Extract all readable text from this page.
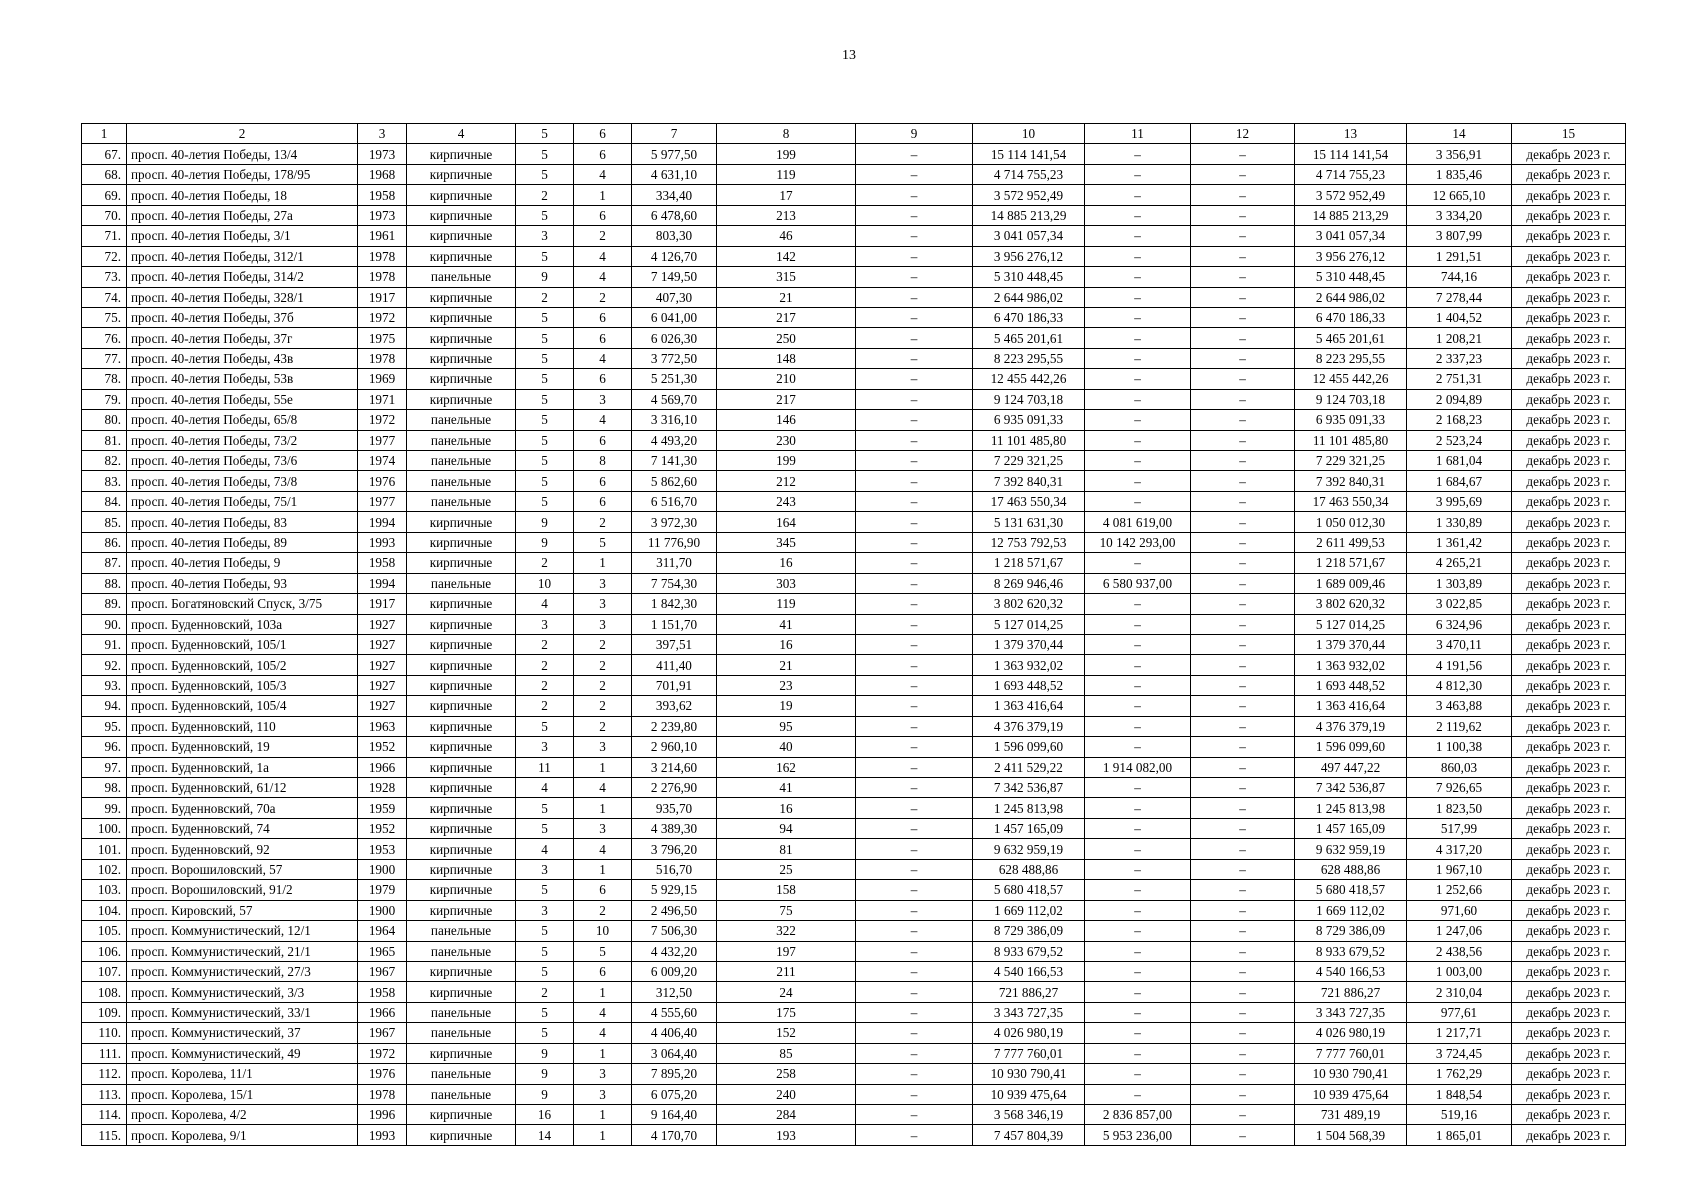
13
1	2	3	4	5	6	7	8	9	10	11	12	13	14	15
67.	просп. 40-летия Победы, 13/4	1973	кирпичные	5	6	5 977,50	199	–	15 114 141,54	–	–	15 114 141,54	3 356,91	декабрь 2023 г.
68.	просп. 40-летия Победы, 178/95	1968	кирпичные	5	4	4 631,10	119	–	4 714 755,23	–	–	4 714 755,23	1 835,46	декабрь 2023 г.
69.	просп. 40-летия Победы, 18	1958	кирпичные	2	1	334,40	17	–	3 572 952,49	–	–	3 572 952,49	12 665,10	декабрь 2023 г.
70.	просп. 40-летия Победы, 27а	1973	кирпичные	5	6	6 478,60	213	–	14 885 213,29	–	–	14 885 213,29	3 334,20	декабрь 2023 г.
71.	просп. 40-летия Победы, 3/1	1961	кирпичные	3	2	803,30	46	–	3 041 057,34	–	–	3 041 057,34	3 807,99	декабрь 2023 г.
72.	просп. 40-летия Победы, 312/1	1978	кирпичные	5	4	4 126,70	142	–	3 956 276,12	–	–	3 956 276,12	1 291,51	декабрь 2023 г.
73.	просп. 40-летия Победы, 314/2	1978	панельные	9	4	7 149,50	315	–	5 310 448,45	–	–	5 310 448,45	744,16	декабрь 2023 г.
74.	просп. 40-летия Победы, 328/1	1917	кирпичные	2	2	407,30	21	–	2 644 986,02	–	–	2 644 986,02	7 278,44	декабрь 2023 г.
75.	просп. 40-летия Победы, 37б	1972	кирпичные	5	6	6 041,00	217	–	6 470 186,33	–	–	6 470 186,33	1 404,52	декабрь 2023 г.
76.	просп. 40-летия Победы, 37г	1975	кирпичные	5	6	6 026,30	250	–	5 465 201,61	–	–	5 465 201,61	1 208,21	декабрь 2023 г.
77.	просп. 40-летия Победы, 43в	1978	кирпичные	5	4	3 772,50	148	–	8 223 295,55	–	–	8 223 295,55	2 337,23	декабрь 2023 г.
78.	просп. 40-летия Победы, 53в	1969	кирпичные	5	6	5 251,30	210	–	12 455 442,26	–	–	12 455 442,26	2 751,31	декабрь 2023 г.
79.	просп. 40-летия Победы, 55е	1971	кирпичные	5	3	4 569,70	217	–	9 124 703,18	–	–	9 124 703,18	2 094,89	декабрь 2023 г.
80.	просп. 40-летия Победы, 65/8	1972	панельные	5	4	3 316,10	146	–	6 935 091,33	–	–	6 935 091,33	2 168,23	декабрь 2023 г.
81.	просп. 40-летия Победы, 73/2	1977	панельные	5	6	4 493,20	230	–	11 101 485,80	–	–	11 101 485,80	2 523,24	декабрь 2023 г.
82.	просп. 40-летия Победы, 73/6	1974	панельные	5	8	7 141,30	199	–	7 229 321,25	–	–	7 229 321,25	1 681,04	декабрь 2023 г.
83.	просп. 40-летия Победы, 73/8	1976	панельные	5	6	5 862,60	212	–	7 392 840,31	–	–	7 392 840,31	1 684,67	декабрь 2023 г.
84.	просп. 40-летия Победы, 75/1	1977	панельные	5	6	6 516,70	243	–	17 463 550,34	–	–	17 463 550,34	3 995,69	декабрь 2023 г.
85.	просп. 40-летия Победы, 83	1994	кирпичные	9	2	3 972,30	164	–	5 131 631,30	4 081 619,00	–	1 050 012,30	1 330,89	декабрь 2023 г.
86.	просп. 40-летия Победы, 89	1993	кирпичные	9	5	11 776,90	345	–	12 753 792,53	10 142 293,00	–	2 611 499,53	1 361,42	декабрь 2023 г.
87.	просп. 40-летия Победы, 9	1958	кирпичные	2	1	311,70	16	–	1 218 571,67	–	–	1 218 571,67	4 265,21	декабрь 2023 г.
88.	просп. 40-летия Победы, 93	1994	панельные	10	3	7 754,30	303	–	8 269 946,46	6 580 937,00	–	1 689 009,46	1 303,89	декабрь 2023 г.
89.	просп. Богатяновский Спуск, 3/75	1917	кирпичные	4	3	1 842,30	119	–	3 802 620,32	–	–	3 802 620,32	3 022,85	декабрь 2023 г.
90.	просп. Буденновский, 103а	1927	кирпичные	3	3	1 151,70	41	–	5 127 014,25	–	–	5 127 014,25	6 324,96	декабрь 2023 г.
91.	просп. Буденновский, 105/1	1927	кирпичные	2	2	397,51	16	–	1 379 370,44	–	–	1 379 370,44	3 470,11	декабрь 2023 г.
92.	просп. Буденновский, 105/2	1927	кирпичные	2	2	411,40	21	–	1 363 932,02	–	–	1 363 932,02	4 191,56	декабрь 2023 г.
93.	просп. Буденновский, 105/3	1927	кирпичные	2	2	701,91	23	–	1 693 448,52	–	–	1 693 448,52	4 812,30	декабрь 2023 г.
94.	просп. Буденновский, 105/4	1927	кирпичные	2	2	393,62	19	–	1 363 416,64	–	–	1 363 416,64	3 463,88	декабрь 2023 г.
95.	просп. Буденновский, 110	1963	кирпичные	5	2	2 239,80	95	–	4 376 379,19	–	–	4 376 379,19	2 119,62	декабрь 2023 г.
96.	просп. Буденновский, 19	1952	кирпичные	3	3	2 960,10	40	–	1 596 099,60	–	–	1 596 099,60	1 100,38	декабрь 2023 г.
97.	просп. Буденновский, 1а	1966	кирпичные	11	1	3 214,60	162	–	2 411 529,22	1 914 082,00	–	497 447,22	860,03	декабрь 2023 г.
98.	просп. Буденновский, 61/12	1928	кирпичные	4	4	2 276,90	41	–	7 342 536,87	–	–	7 342 536,87	7 926,65	декабрь 2023 г.
99.	просп. Буденновский, 70а	1959	кирпичные	5	1	935,70	16	–	1 245 813,98	–	–	1 245 813,98	1 823,50	декабрь 2023 г.
100.	просп. Буденновский, 74	1952	кирпичные	5	3	4 389,30	94	–	1 457 165,09	–	–	1 457 165,09	517,99	декабрь 2023 г.
101.	просп. Буденновский, 92	1953	кирпичные	4	4	3 796,20	81	–	9 632 959,19	–	–	9 632 959,19	4 317,20	декабрь 2023 г.
102.	просп. Ворошиловский, 57	1900	кирпичные	3	1	516,70	25	–	628 488,86	–	–	628 488,86	1 967,10	декабрь 2023 г.
103.	просп. Ворошиловский, 91/2	1979	кирпичные	5	6	5 929,15	158	–	5 680 418,57	–	–	5 680 418,57	1 252,66	декабрь 2023 г.
104.	просп. Кировский, 57	1900	кирпичные	3	2	2 496,50	75	–	1 669 112,02	–	–	1 669 112,02	971,60	декабрь 2023 г.
105.	просп. Коммунистический, 12/1	1964	панельные	5	10	7 506,30	322	–	8 729 386,09	–	–	8 729 386,09	1 247,06	декабрь 2023 г.
106.	просп. Коммунистический, 21/1	1965	панельные	5	5	4 432,20	197	–	8 933 679,52	–	–	8 933 679,52	2 438,56	декабрь 2023 г.
107.	просп. Коммунистический, 27/3	1967	кирпичные	5	6	6 009,20	211	–	4 540 166,53	–	–	4 540 166,53	1 003,00	декабрь 2023 г.
108.	просп. Коммунистический, 3/3	1958	кирпичные	2	1	312,50	24	–	721 886,27	–	–	721 886,27	2 310,04	декабрь 2023 г.
109.	просп. Коммунистический, 33/1	1966	панельные	5	4	4 555,60	175	–	3 343 727,35	–	–	3 343 727,35	977,61	декабрь 2023 г.
110.	просп. Коммунистический, 37	1967	панельные	5	4	4 406,40	152	–	4 026 980,19	–	–	4 026 980,19	1 217,71	декабрь 2023 г.
111.	просп. Коммунистический, 49	1972	кирпичные	9	1	3 064,40	85	–	7 777 760,01	–	–	7 777 760,01	3 724,45	декабрь 2023 г.
112.	просп. Королева, 11/1	1976	панельные	9	3	7 895,20	258	–	10 930 790,41	–	–	10 930 790,41	1 762,29	декабрь 2023 г.
113.	просп. Королева, 15/1	1978	панельные	9	3	6 075,20	240	–	10 939 475,64	–	–	10 939 475,64	1 848,54	декабрь 2023 г.
114.	просп. Королева, 4/2	1996	кирпичные	16	1	9 164,40	284	–	3 568 346,19	2 836 857,00	–	731 489,19	519,16	декабрь 2023 г.
115.	просп. Королева, 9/1	1993	кирпичные	14	1	4 170,70	193	–	7 457 804,39	5 953 236,00	–	1 504 568,39	1 865,01	декабрь 2023 г.
